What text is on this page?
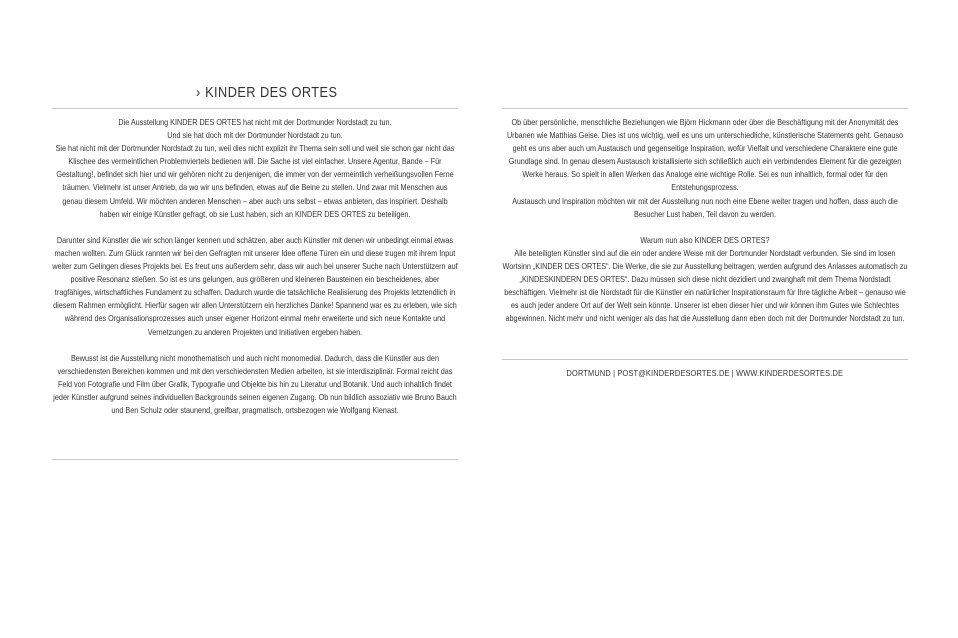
› KINDER DES ORTES

Die Ausstellung KINDER DES ORTES hat nicht mit der Dortmunder Nordstadt zu tun.

Und sie hat doch mit der Dortmunder Nordstadt zu tun.

Sie hat nicht mit der Dortmunder Nordstadt zu tun, weil dies nicht explizit ihr Thema sein soll und weil sie schon gar nicht das Klischee des vermeintlichen Problemviertels bedienen will. Die Sache ist viel einfacher. Unsere Agentur, Bande – Für Gestaltung!, befindet sich hier und wir gehören nicht zu denjenigen, die immer von der vermeintlich verheißungsvollen Ferne träumen. Vielmehr ist unser Antrieb, da wo wir uns befinden, etwas auf die Beine zu stellen. Und zwar mit Menschen aus genau diesem Umfeld. Wir möchten anderen Menschen – aber auch uns selbst – etwas anbieten, das inspiriert. Deshalb haben wir einige Künstler gefragt, ob sie Lust haben, sich an KINDER DES ORTES zu beteiligen.

Darunter sind Künstler die wir schon länger kennen und schätzen, aber auch Künstler mit denen wir unbedingt einmal etwas machen wollten. Zum Glück rannten wir bei den Gefragten mit unserer Idee offene Türen ein und diese trugen mit ihrem Input weiter zum Gelingen dieses Projekts bei. Es freut uns außerdem sehr, dass wir auch bei unserer Suche nach Unterstützern auf positive Resonanz stießen. So ist es uns gelungen, aus größeren und kleineren Bausteinen ein bescheidenes, aber tragfähiges, wirtschaftliches Fundament zu schaffen. Dadurch wurde die tatsächliche Realisierung des Projekts letztendlich in diesem Rahmen ermöglicht. Hierfür sagen wir allen Unterstützern ein herzliches Danke! Spannend war es zu erleben, wie sich während des Organisationsprozesses auch unser eigener Horizont einmal mehr erweiterte und sich neue Kontakte und Vernetzungen zu anderen Projekten und Initiativen ergeben haben.

Bewusst ist die Ausstellung nicht monothematisch und auch nicht monomedial. Dadurch, dass die Künstler aus den verschiedensten Bereichen kommen und mit den verschiedensten Medien arbeiten, ist sie interdisziplinär. Formal reicht das Feld von Fotografie und Film über Grafik, Typografie und Objekte bis hin zu Literatur und Botanik. Und auch inhaltlich findet jeder Künstler aufgrund seines individuellen Backgrounds seinen eigenen Zugang. Ob nun bildlich assoziativ wie Bruno Bauch und Ben Schulz oder staunend, greifbar, pragmatisch, ortsbezogen wie Wolfgang Kienast.

Ob über persönliche, menschliche Beziehungen wie Björn Hickmann oder über die Beschäftigung mit der Anonymität des Urbanen wie Matthias Geise. Dies ist uns wichtig, weil es uns um unterschiedliche, künstlerische Statements geht. Genauso geht es uns aber auch um Austausch und gegenseitige Inspiration, wofür Vielfalt und verschiedene Charaktere eine gute Grundlage sind. In genau diesem Austausch kristallisierte sich schließlich auch ein verbindendes Element für die gezeigten Werke heraus. So spielt in allen Werken das Analoge eine wichtige Rolle. Sei es nun inhaltlich, formal oder für den Entstehungsprozess.

Austausch und Inspiration möchten wir mit der Ausstellung nun noch eine Ebene weiter tragen und hoffen, dass auch die Besucher Lust haben, Teil davon zu werden.

Warum nun also KINDER DES ORTES?

Alle beteiligten Künstler sind auf die ein oder andere Weise mit der Dortmunder Nordstadt verbunden. Sie sind im losen Wortsinn „KINDER DES ORTES“. Die Werke, die sie zur Ausstellung beitragen, werden aufgrund des Anlasses automatisch zu „KINDESKINDERN DES ORTES“. Dazu müssen sich diese nicht dezidiert und zwanghaft mit dem Thema Nordstadt beschäftigen. Vielmehr ist die Nordstadt für die Künstler ein natürlicher Inspirationsraum für Ihre tägliche Arbeit – genauso wie es auch jeder andere Ort auf der Welt sein könnte. Unserer ist eben dieser hier und wir können ihm Gutes wie Schlechtes abgewinnen. Nicht mehr und nicht weniger als das hat die Ausstellung dann eben doch mit der Dortmunder Nordstadt zu tun.

DORTMUND | POST@KINDERDESORTES.DE | WWW.KINDERDESORTES.DE
